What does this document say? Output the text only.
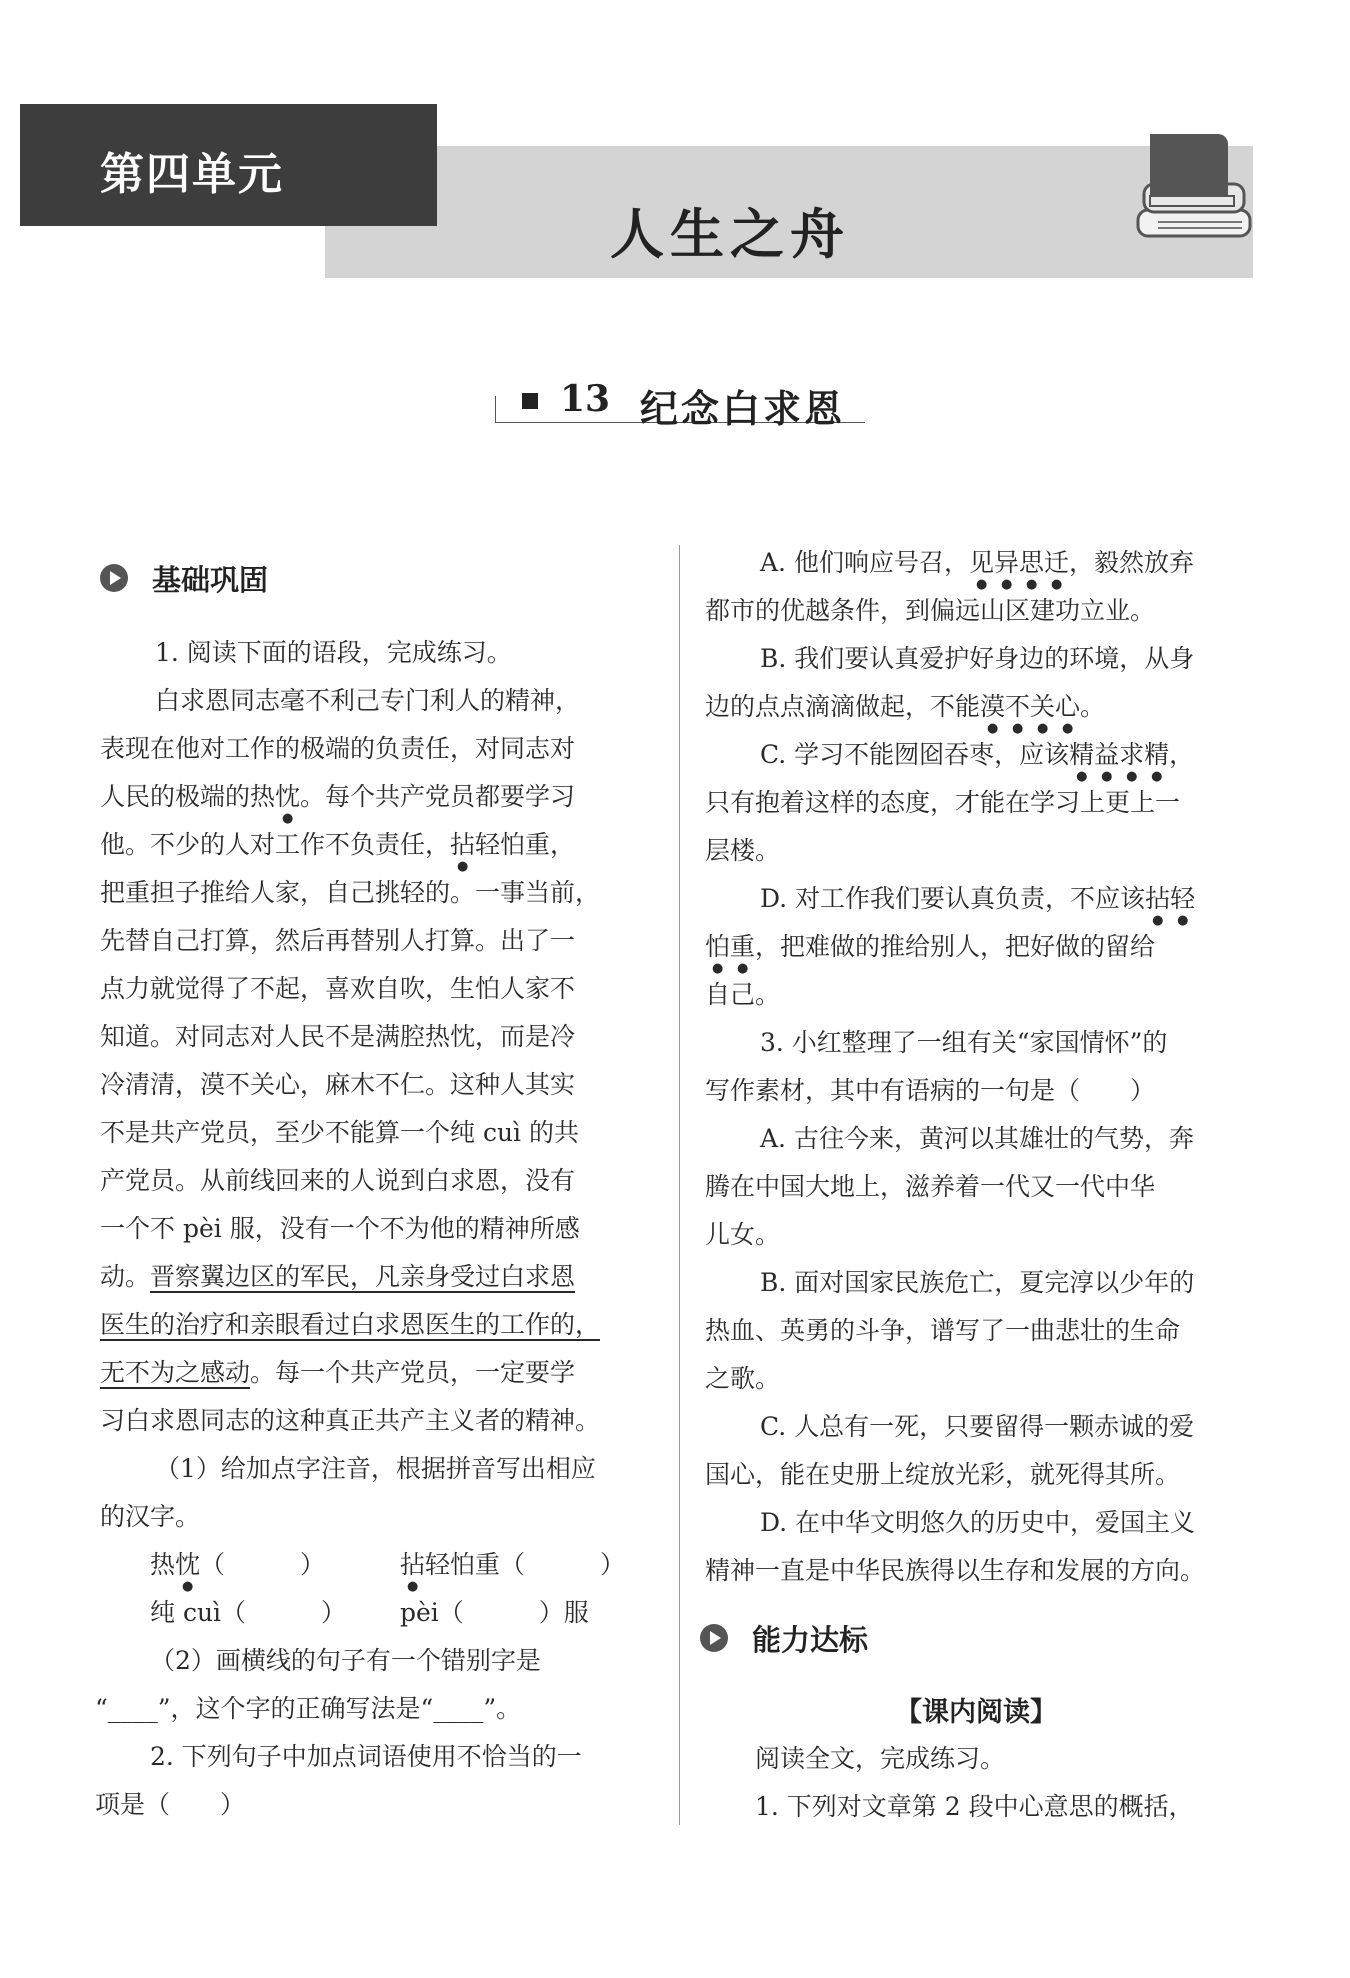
第四单元
人生之舟
13 纪念白求恩
基础巩固
1. 阅读下面的语段，完成练习。
白求恩同志毫不利己专门利人的精神，
表现在他对工作的极端的负责任，对同志对
人民的极端的热忱。每个共产党员都要学习
他。不少的人对工作不负责任，拈轻怕重，
把重担子推给人家，自己挑轻的。一事当前，
先替自己打算，然后再替别人打算。出了一
点力就觉得了不起，喜欢自吹，生怕人家不
知道。对同志对人民不是满腔热忱，而是冷
冷清清，漠不关心，麻木不仁。这种人其实
不是共产党员，至少不能算一个纯 cuì 的共
产党员。从前线回来的人说到白求恩，没有
一个不 pèi 服，没有一个不为他的精神所感
动。晋察翼边区的军民，凡亲身受过白求恩
医生的治疗和亲眼看过白求恩医生的工作的，
无不为之感动。每一个共产党员，一定要学
习白求恩同志的这种真正共产主义者的精神。
（1）给加点字注音，根据拼音写出相应
的汉字。
热忱（　　　）	拈轻怕重（　　　）
纯 cuì（　　　） pèi（　　　）服
（2）画横线的句子有一个错别字是
“____”，这个字的正确写法是“____”。
2. 下列句子中加点词语使用不恰当的一
项是（　　）
A. 他们响应号召，见异思迁，毅然放弃
都市的优越条件，到偏远山区建功立业。
B. 我们要认真爱护好身边的环境，从身
边的点点滴滴做起，不能漠不关心。
C. 学习不能囫囵吞枣，应该精益求精，
只有抱着这样的态度，才能在学习上更上一
层楼。
D. 对工作我们要认真负责，不应该拈轻
怕重，把难做的推给别人，把好做的留给
自己。
3. 小红整理了一组有关“家国情怀”的
写作素材，其中有语病的一句是（　　）
A. 古往今来，黄河以其雄壮的气势，奔
腾在中国大地上，滋养着一代又一代中华
儿女。
B. 面对国家民族危亡，夏完淳以少年的
热血、英勇的斗争，谱写了一曲悲壮的生命
之歌。
C. 人总有一死，只要留得一颗赤诚的爱
国心，能在史册上绽放光彩，就死得其所。
D. 在中华文明悠久的历史中，爱国主义
精神一直是中华民族得以生存和发展的方向。
能力达标
【课内阅读】
阅读全文，完成练习。
1. 下列对文章第 2 段中心意思的概括，
